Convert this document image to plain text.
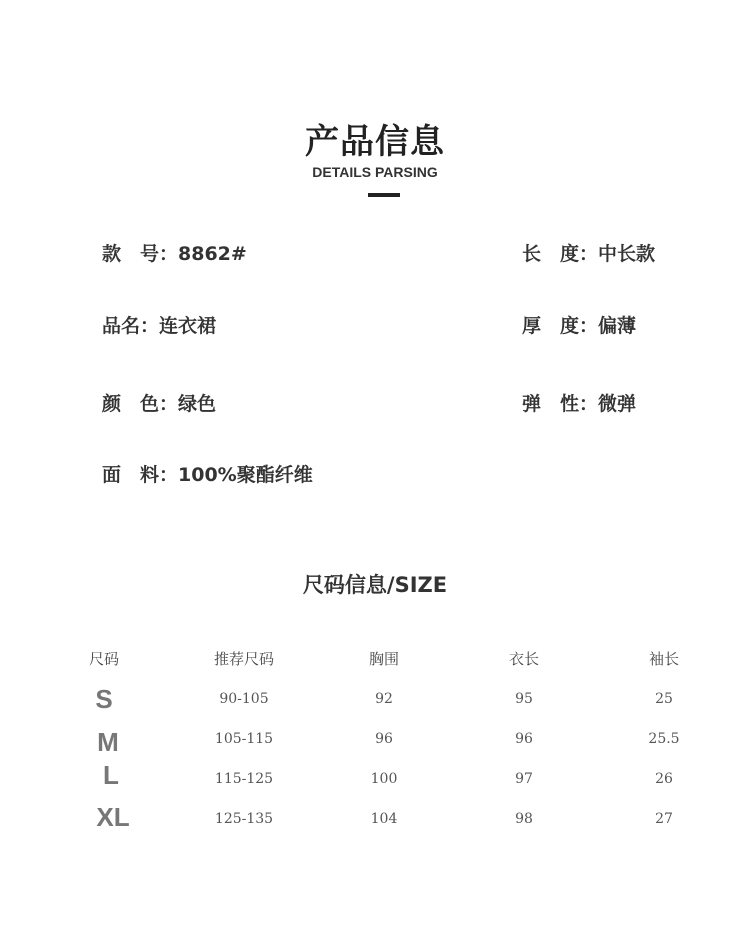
产品信息
DETAILS PARSING
款　号：8862#	长　度：中长款
品名：连衣裙	厚　度：偏薄
颜　色：绿色	弹　性：微弹
面　料：100%聚酯纤维
尺码信息/SIZE
尺码	推荐尺码	胸围	衣长	袖长
S	90-105	92	95	25
M	105-115	96	96	25.5
L	115-125	100	97	26
XL	125-135	104	98	27
